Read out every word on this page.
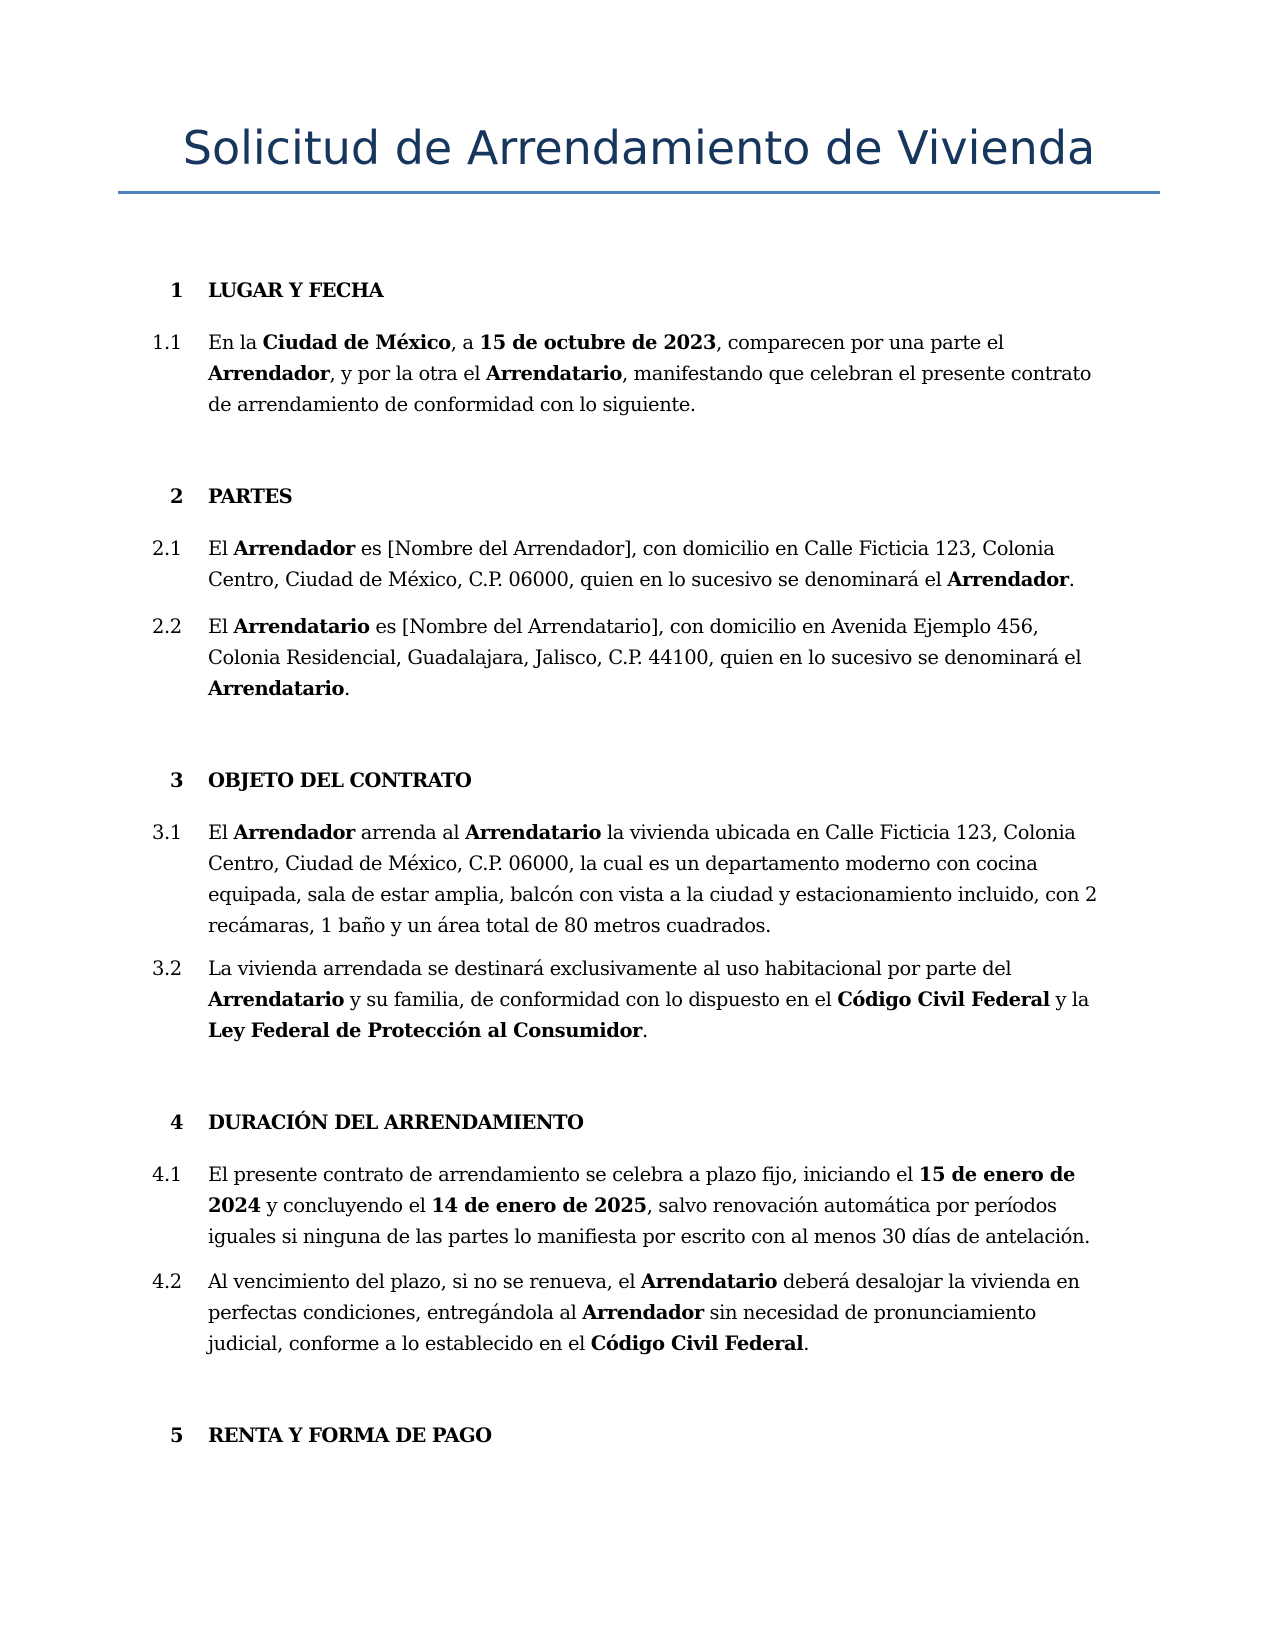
Solicitud de Arrendamiento de Vivienda
1 LUGAR Y FECHA
1.1	En la Ciudad de México, a 15 de octubre de 2023, comparecen por una parte el
Arrendador, y por la otra el Arrendatario, manifestando que celebran el presente contrato
de arrendamiento de conformidad con lo siguiente.
2 PARTES
2.1	El Arrendador es [Nombre del Arrendador], con domicilio en Calle Ficticia 123, Colonia
Centro, Ciudad de México, C.P. 06000, quien en lo sucesivo se denominará el Arrendador.
2.2	El Arrendatario es [Nombre del Arrendatario], con domicilio en Avenida Ejemplo 456,
Colonia Residencial, Guadalajara, Jalisco, C.P. 44100, quien en lo sucesivo se denominará el
Arrendatario.
3 OBJETO DEL CONTRATO
3.1	El Arrendador arrenda al Arrendatario la vivienda ubicada en Calle Ficticia 123, Colonia
Centro, Ciudad de México, C.P. 06000, la cual es un departamento moderno con cocina
equipada, sala de estar amplia, balcón con vista a la ciudad y estacionamiento incluido, con 2
recámaras, 1 baño y un área total de 80 metros cuadrados.
3.2	La vivienda arrendada se destinará exclusivamente al uso habitacional por parte del
Arrendatario y su familia, de conformidad con lo dispuesto en el Código Civil Federal y la
Ley Federal de Protección al Consumidor.
4 DURACIÓN DEL ARRENDAMIENTO
4.1	El presente contrato de arrendamiento se celebra a plazo fijo, iniciando el 15 de enero de
2024 y concluyendo el 14 de enero de 2025, salvo renovación automática por períodos
iguales si ninguna de las partes lo manifiesta por escrito con al menos 30 días de antelación.
4.2	Al vencimiento del plazo, si no se renueva, el Arrendatario deberá desalojar la vivienda en
perfectas condiciones, entregándola al Arrendador sin necesidad de pronunciamiento
judicial, conforme a lo establecido en el Código Civil Federal.
5 RENTA Y FORMA DE PAGO
